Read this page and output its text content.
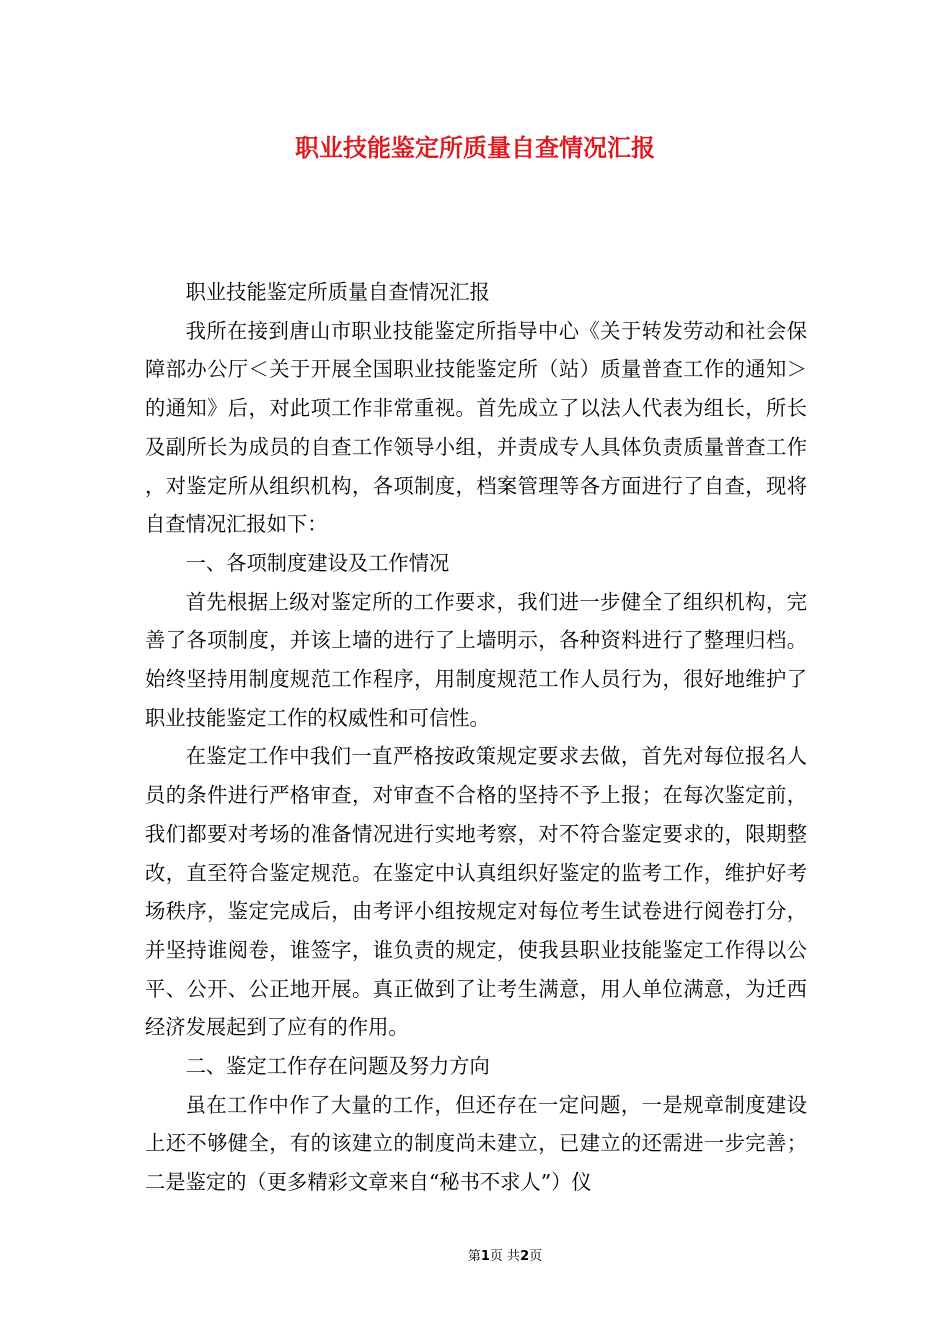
职业技能鉴定所质量自查情况汇报

职业技能鉴定所质量自查情况汇报

我所在接到唐山市职业技能鉴定所指导中心《关于转发劳动和社会保障部办公厅＜关于开展全国职业技能鉴定所（站）质量普查工作的通知＞的通知》后，对此项工作非常重视。首先成立了以法人代表为组长，所长及副所长为成员的自查工作领导小组，并责成专人具体负责质量普查工作，对鉴定所从组织机构，各项制度，档案管理等各方面进行了自查，现将自查情况汇报如下：

一、各项制度建设及工作情况

首先根据上级对鉴定所的工作要求，我们进一步健全了组织机构，完善了各项制度，并该上墙的进行了上墙明示，各种资料进行了整理归档。始终坚持用制度规范工作程序，用制度规范工作人员行为，很好地维护了职业技能鉴定工作的权威性和可信性。

在鉴定工作中我们一直严格按政策规定要求去做，首先对每位报名人员的条件进行严格审查，对审查不合格的坚持不予上报；在每次鉴定前，我们都要对考场的准备情况进行实地考察，对不符合鉴定要求的，限期整改，直至符合鉴定规范。在鉴定中认真组织好鉴定的监考工作，维护好考场秩序，鉴定完成后，由考评小组按规定对每位考生试卷进行阅卷打分，并坚持谁阅卷，谁签字，谁负责的规定，使我县职业技能鉴定工作得以公平、公开、公正地开展。真正做到了让考生满意，用人单位满意，为迁西经济发展起到了应有的作用。

二、鉴定工作存在问题及努力方向

虽在工作中作了大量的工作，但还存在一定问题，一是规章制度建设上还不够健全，有的该建立的制度尚未建立，已建立的还需进一步完善；二是鉴定的（更多精彩文章来自“秘书不求人”）仪

第1页 共2页
